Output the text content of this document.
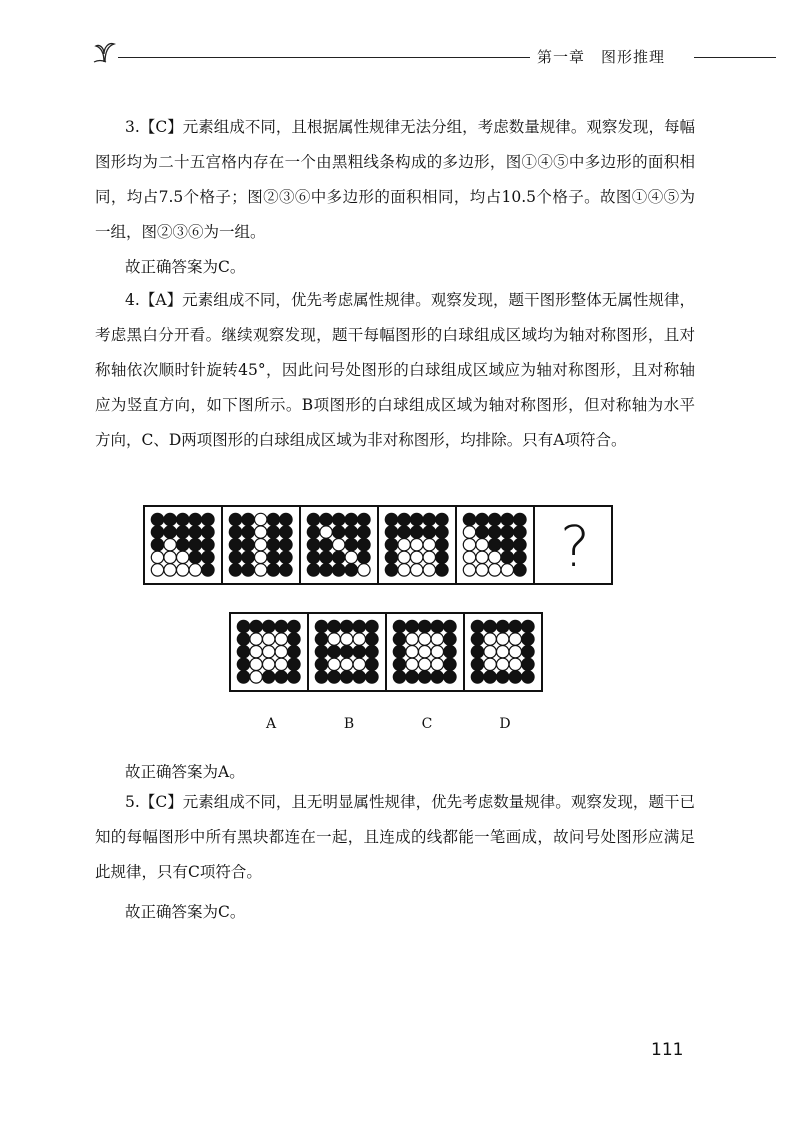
第一章 图形推理
3.【C】元素组成不同，且根据属性规律无法分组，考虑数量规律。观察发现，每幅图形均为二十五宫格内存在一个由黑粗线条构成的多边形，图①④⑤中多边形的面积相同，均占7.5个格子；图②③⑥中多边形的面积相同，均占10.5个格子。故图①④⑤为一组，图②③⑥为一组。
故正确答案为C。
4.【A】元素组成不同，优先考虑属性规律。观察发现，题干图形整体无属性规律，考虑黑白分开看。继续观察发现，题干每幅图形的白球组成区域均为轴对称图形，且对称轴依次顺时针旋转45°，因此问号处图形的白球组成区域应为轴对称图形，且对称轴应为竖直方向，如下图所示。B项图形的白球组成区域为轴对称图形，但对称轴为水平方向，C、D两项图形的白球组成区域为非对称图形，均排除。只有A项符合。
?
A	B	C	D
故正确答案为A。
5.【C】元素组成不同，且无明显属性规律，优先考虑数量规律。观察发现，题干已知的每幅图形中所有黑块都连在一起，且连成的线都能一笔画成，故问号处图形应满足此规律，只有C项符合。
故正确答案为C。
111
